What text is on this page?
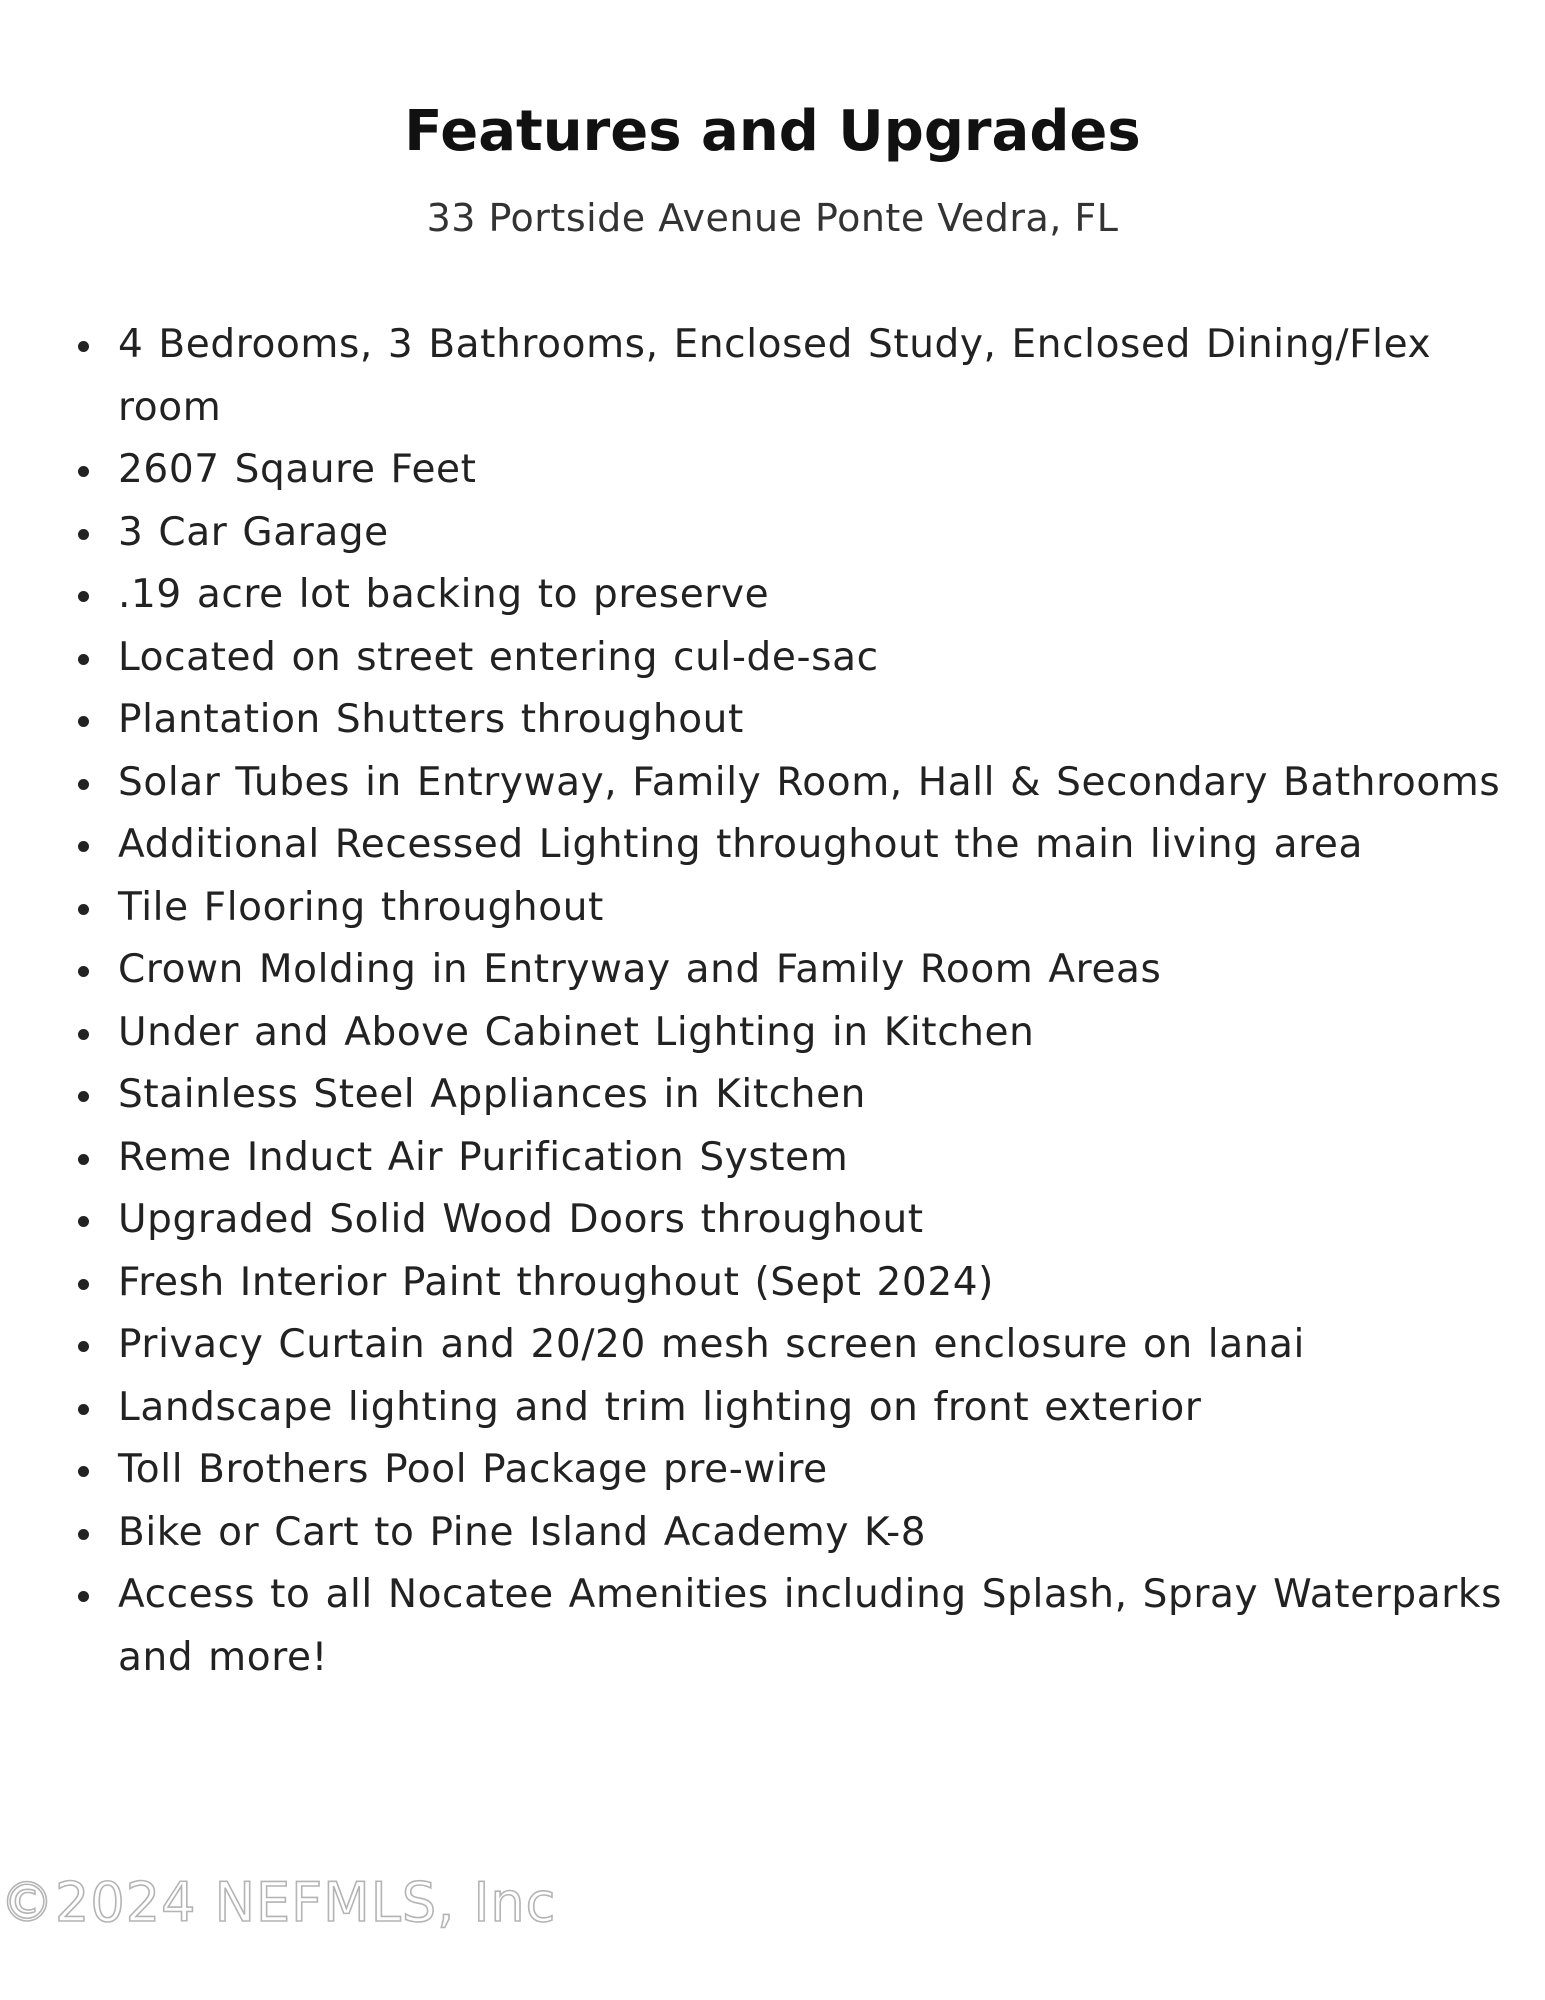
Features and Upgrades

33 Portside Avenue Ponte Vedra, FL

4 Bedrooms, 3 Bathrooms, Enclosed Study, Enclosed Dining/Flex room
2607 Sqaure Feet
3 Car Garage
.19 acre lot backing to preserve
Located on street entering cul-de-sac
Plantation Shutters throughout
Solar Tubes in Entryway, Family Room, Hall & Secondary Bathrooms
Additional Recessed Lighting throughout the main living area
Tile Flooring throughout
Crown Molding in Entryway and Family Room Areas
Under and Above Cabinet Lighting in Kitchen
Stainless Steel Appliances in Kitchen
Reme Induct Air Purification System
Upgraded Solid Wood Doors throughout
Fresh Interior Paint throughout (Sept 2024)
Privacy Curtain and 20/20 mesh screen enclosure on lanai
Landscape lighting and trim lighting on front exterior
Toll Brothers Pool Package pre-wire
Bike or Cart to Pine Island Academy K-8
Access to all Nocatee Amenities including Splash, Spray Waterparks and more!
©2024 NEFMLS, Inc
